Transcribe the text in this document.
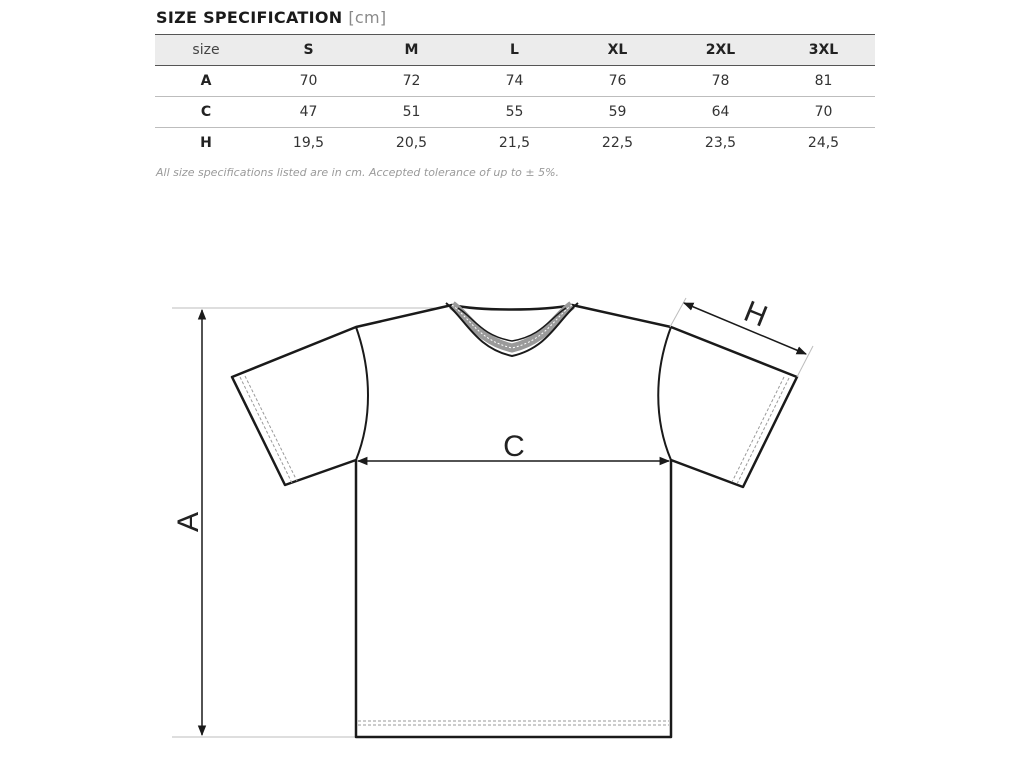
SIZE SPECIFICATION [cm]
size	S	M	L	XL	2XL	3XL
A	70	72	74	76	78	81
C	47	51	55	59	64	70
H	19,5	20,5	21,5	22,5	23,5	24,5
All size specifications listed are in cm. Accepted tolerance of up to ± 5%.
A
C
H
